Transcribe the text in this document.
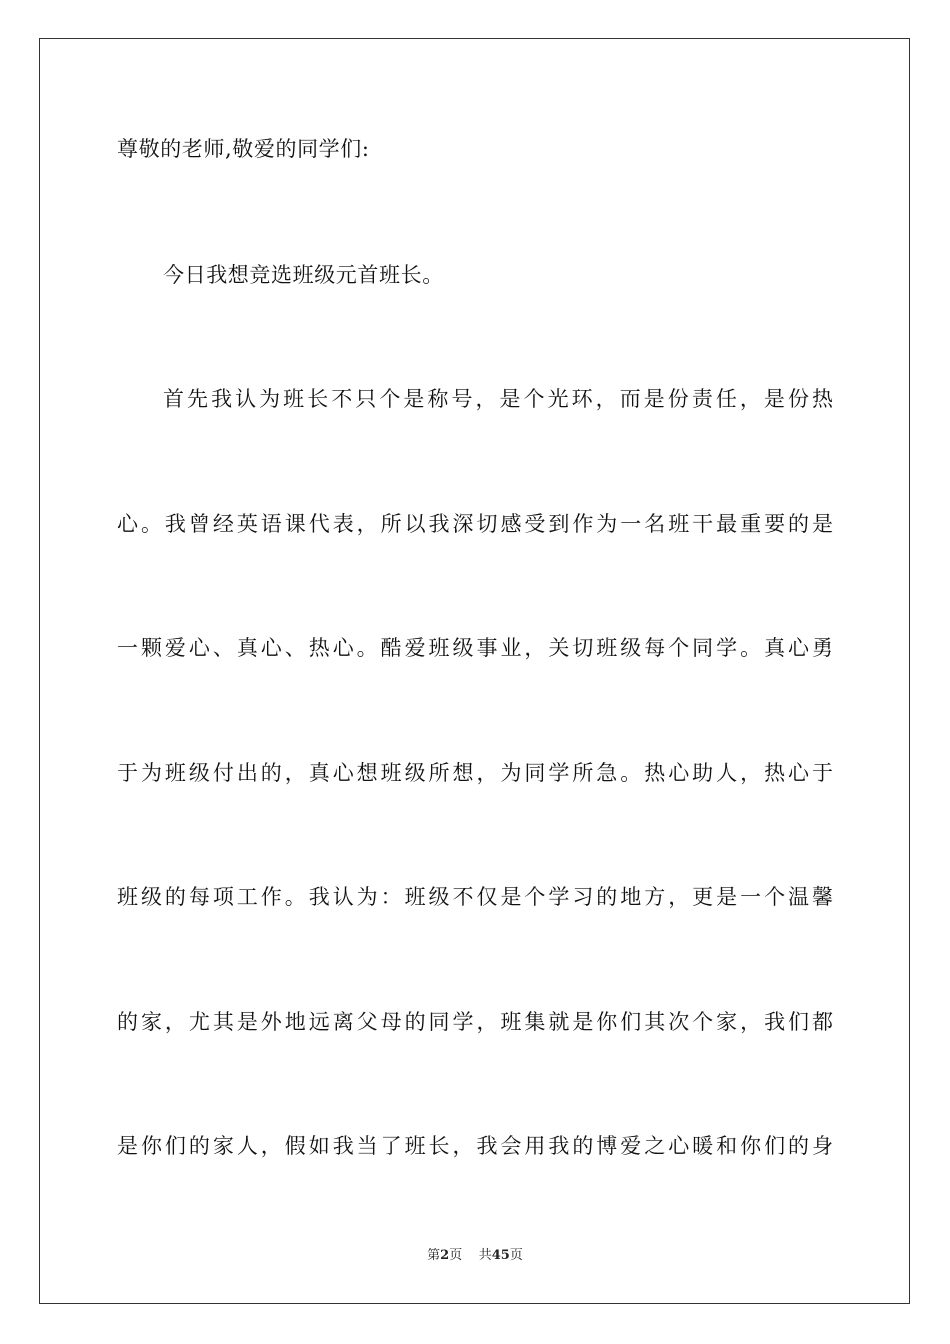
尊敬的老师,敬爱的同学们:
今日我想竞选班级元首班长。
首先我认为班长不只个是称号，是个光环，而是份责任，是份热
心。我曾经英语课代表，所以我深切感受到作为一名班干最重要的是
一颗爱心、真心、热心。酷爱班级事业，关切班级每个同学。真心勇
于为班级付出的，真心想班级所想，为同学所急。热心助人，热心于
班级的每项工作。我认为：班级不仅是个学习的地方，更是一个温馨
的家，尤其是外地远离父母的同学，班集就是你们其次个家，我们都
是你们的家人，假如我当了班长，我会用我的博爱之心暖和你们的身
第2页 共45页
